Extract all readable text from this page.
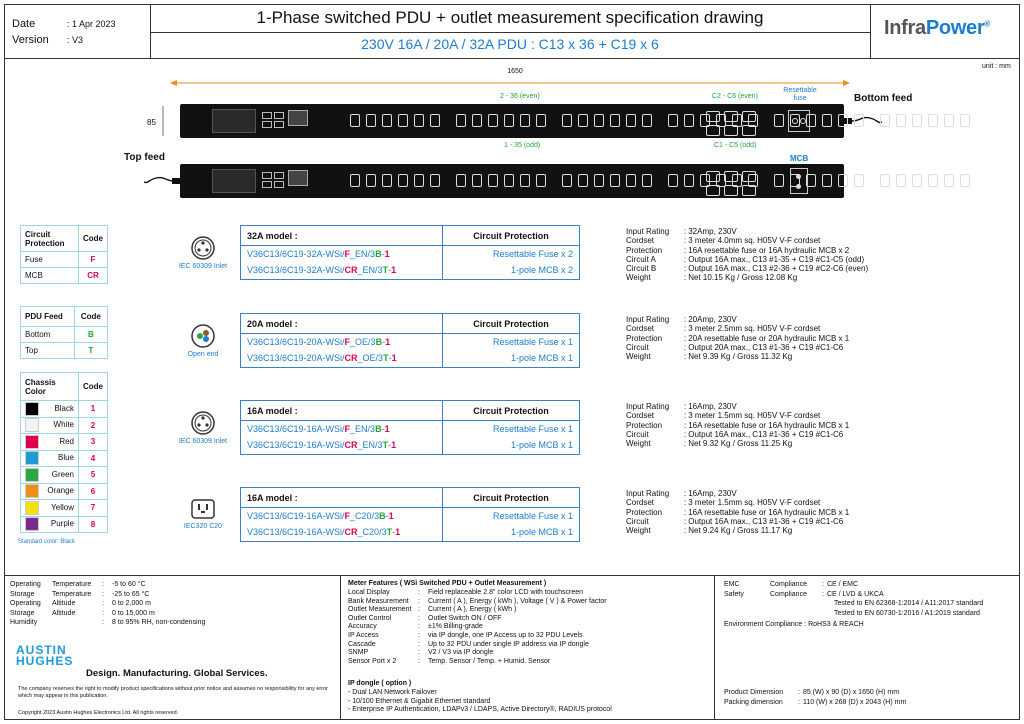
Date	: 1 Apr 2023
Version : V3
1-Phase switched PDU + outlet measurement specification drawing
230V 16A / 20A / 32A PDU : C13 x 36 + C19 x 6
InfraPower®
unit : mm
1650
85
2 - 36 (even)	C2 - C6 (even)
Resettable fuse	Bottom feed
1 - 35 (odd)	C1 - C5 (odd)
Top feed	MCB
Circuit Protection	Code
Fuse	F
MCB	CR
PDU Feed	Code
Bottom	B
Top	T
Chassis Color	Code

Black	1

White	2

Red	3

Blue	4

Green	5

Orange	6

Yellow	7

Purple	8
Standard color: Black
IEC 60309 Inlet
32A model :	Circuit Protection
V36C13/6C19-32A-WSi/F_EN/3B-1	Resettable Fuse x 2
V36C13/6C19-32A-WSi/CR_EN/3T-1	1-pole MCB x 2

Input Rating	:	32Amp, 230V
Cordset	:	3 meter 4.0mm sq. H05V V-F cordset
Protection	:	16A resettable fuse or 16A hydraulic MCB x 2
Circuit A	:	Output 16A max., C13 #1-35 + C19 #C1-C5 (odd)
Circuit B	:	Output 16A max., C13 #2-36 + C19 #C2-C6 (even)
Weight	:	Net 10.15 Kg / Gross 12.08 Kg
Open end
20A model :	Circuit Protection
V36C13/6C19-20A-WSi/F_OE/3B-1	Resettable Fuse x 1
V36C13/6C19-20A-WSi/CR_OE/3T-1	1-pole MCB x 1

Input Rating	:	20Amp, 230V
Cordset	:	3 meter 2.5mm sq. H05V V-F cordset
Protection	:	20A resettable fuse or 20A hydraulic MCB x 1
Circuit	:	Output 20A max., C13 #1-36 + C19 #C1-C6
Weight	:	Net 9.39 Kg / Gross 11.32 Kg
IEC 60309 Inlet
16A model :	Circuit Protection
V36C13/6C19-16A-WSi/F_EN/3B-1	Resettable Fuse x 1
V36C13/6C19-16A-WSi/CR_EN/3T-1	1-pole MCB x 1

Input Rating	:	16Amp, 230V
Cordset	:	3 meter 1.5mm sq. H05V V-F cordset
Protection	:	16A resettable fuse or 16A hydraulic MCB x 1
Circuit	:	Output 16A max., C13 #1-36 + C19 #C1-C6
Weight	:	Net 9.32 Kg / Gross 11.25 Kg
IEC320 C20
16A model :	Circuit Protection
V36C13/6C19-16A-WSi/F_C20/3B-1	Resettable Fuse x 1
V36C13/6C19-16A-WSi/CR_C20/3T-1	1-pole MCB x 1

Input Rating	:	16Amp, 230V
Cordset	:	3 meter 1.5mm sq. H05V V-F cordset
Protection	:	16A resettable fuse or 16A hydraulic MCB x 1
Circuit	:	Output 16A max., C13 #1-36 + C19 #C1-C6
Weight	:	Net 9.24 Kg / Gross 11.17 Kg
Operating	Temperature	:	-5 to 60 °C
Storage	Temperature	:	-25 to 65 °C
Operating	Altitude	:	0 to 2,000 m
Storage	Altitude	:	0 to 15,000 m
Humidity		:	8 to 95% RH, non-condensing
AUSTIN
HUGHES
Design. Manufacturing. Global Services.
The company reserves the right to modify product specifications without prior notice and assumes no responsibility for any error which may appear in this publication.
Copyright 2023 Austin Hughes Electronics Ltd. All rights reserved.
Meter Features ( WSi Switched PDU + Outlet Measurement )
Local Display	:	Field replaceable 2.8" color LCD with touchscreen
Bank Measurement	:	Current ( A ), Energy ( kWh ), Voltage ( V ) & Power factor
Outlet Measurement	:	Current ( A ), Energy ( kWh )
Outlet Control	:	Outlet Switch ON / OFF
Accuracy	:	±1% Billing-grade
IP Access	:	via IP dongle, one IP Access up to 32 PDU Levels
Cascade	:	Up to 32 PDU under single IP address via IP dongle
SNMP	:	V2 / V3 via IP dongle
Sensor Port x 2	:	Temp. Sensor / Temp. + Humid. Sensor
IP dongle ( option )
- Dual LAN Network Failover
- 10/100 Ethernet & Gigabit Ethernet standard
- Enterprise IP Authentication, LDAPv3 / LDAPS, Active Directory®, RADIUS protocol
EMC	Compliance	:	CE / EMC
Safety	Compliance	:	CE / LVD & UKCA
Tested to EN 62368-1:2014 / A11:2017 standard
Tested to EN 60730-1:2016 / A1:2019 standard
Environment Compliance : RoHS3 & REACH
Product Dimension	:	85 (W) x 90 (D) x 1650 (H) mm
Packing dimension	:	110 (W) x 268 (D) x 2043 (H) mm
